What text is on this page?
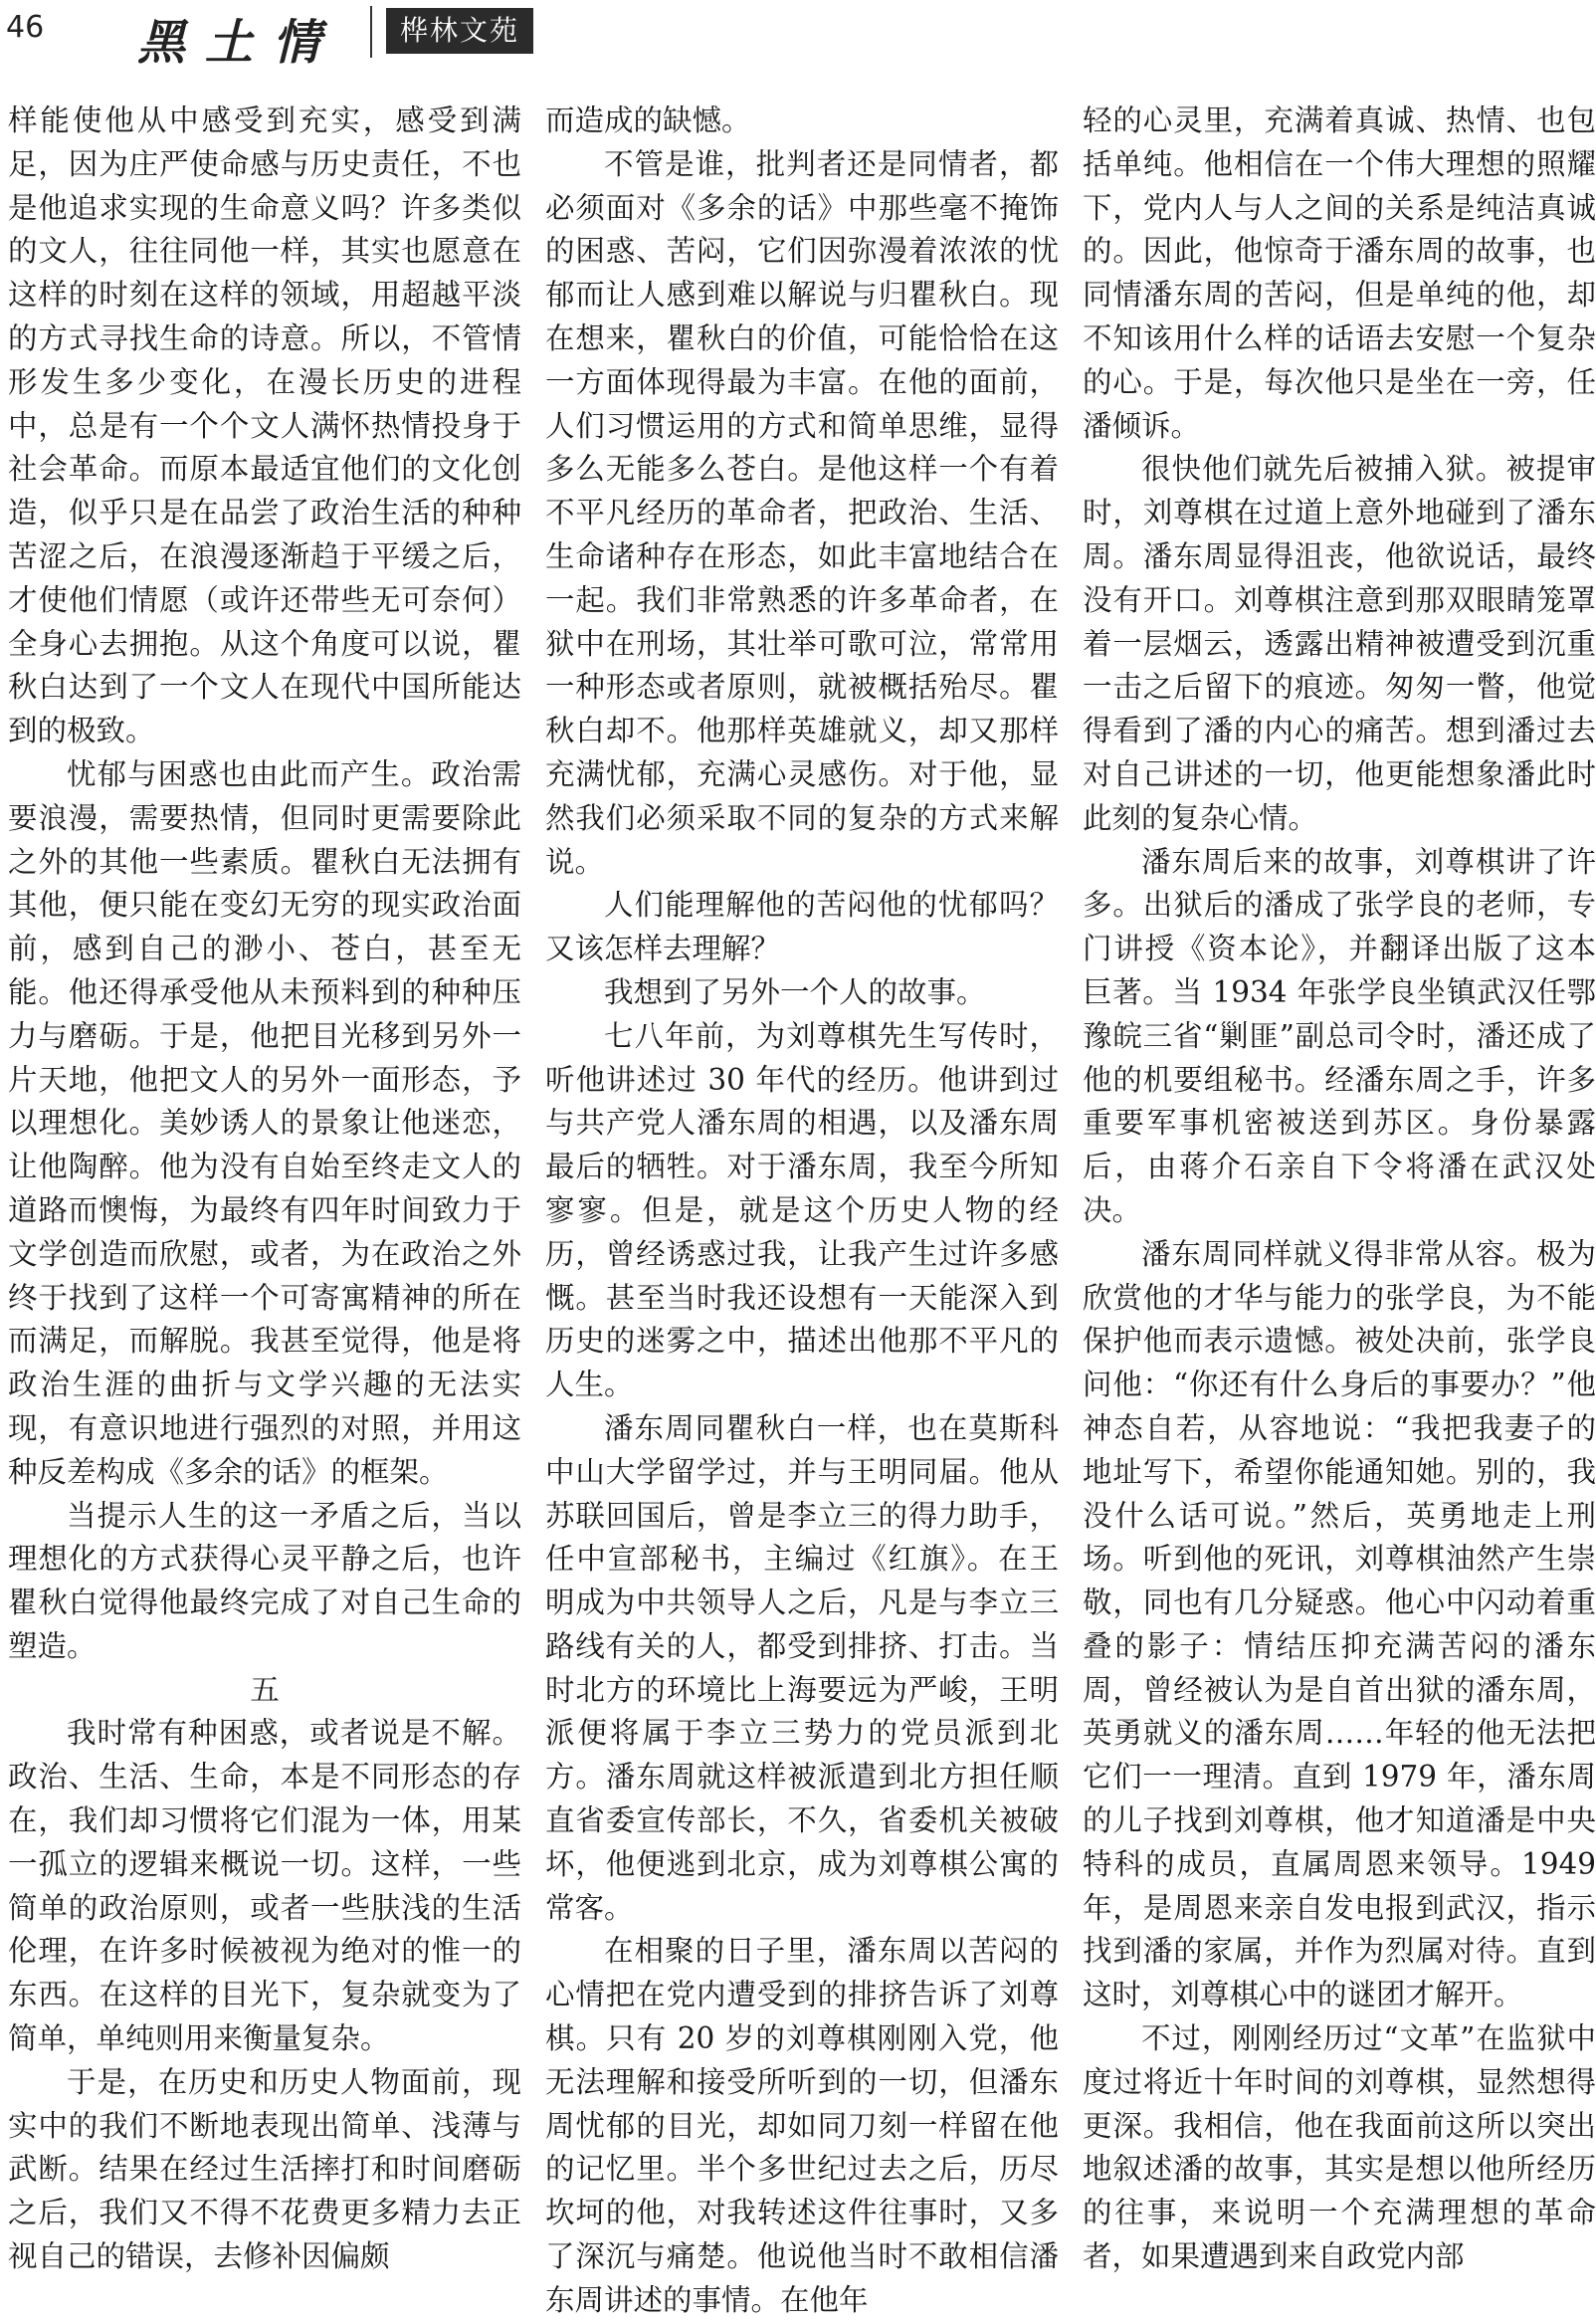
46 黑土情	桦林文苑

样能使他从中感受到充实，感受到满足，因为庄严使命感与历史责任，不也是他追求实现的生命意义吗？许多类似的文人，往往同他一样，其实也愿意在这样的时刻在这样的领域，用超越平淡的方式寻找生命的诗意。所以，不管情形发生多少变化，在漫长历史的进程中，总是有一个个文人满怀热情投身于社会革命。而原本最适宜他们的文化创造，似乎只是在品尝了政治生活的种种苦涩之后，在浪漫逐渐趋于平缓之后，才使他们情愿（或许还带些无可奈何）全身心去拥抱。从这个角度可以说，瞿秋白达到了一个文人在现代中国所能达到的极致。

忧郁与困惑也由此而产生。政治需要浪漫，需要热情，但同时更需要除此之外的其他一些素质。瞿秋白无法拥有其他，便只能在变幻无穷的现实政治面前，感到自己的渺小、苍白，甚至无能。他还得承受他从未预料到的种种压力与磨砺。于是，他把目光移到另外一片天地，他把文人的另外一面形态，予以理想化。美妙诱人的景象让他迷恋，让他陶醉。他为没有自始至终走文人的道路而懊悔，为最终有四年时间致力于文学创造而欣慰，或者，为在政治之外终于找到了这样一个可寄寓精神的所在而满足，而解脱。我甚至觉得，他是将政治生涯的曲折与文学兴趣的无法实现，有意识地进行强烈的对照，并用这种反差构成《多余的话》的框架。

当提示人生的这一矛盾之后，当以理想化的方式获得心灵平静之后，也许瞿秋白觉得他最终完成了对自己生命的塑造。

五

我时常有种困惑，或者说是不解。政治、生活、生命，本是不同形态的存在，我们却习惯将它们混为一体，用某一孤立的逻辑来概说一切。这样，一些简单的政治原则，或者一些肤浅的生活伦理，在许多时候被视为绝对的惟一的东西。在这样的目光下，复杂就变为了简单，单纯则用来衡量复杂。

于是，在历史和历史人物面前，现实中的我们不断地表现出简单、浅薄与武断。结果在经过生活摔打和时间磨砺之后，我们又不得不花费更多精力去正视自己的错误，去修补因偏颇

而造成的缺憾。

不管是谁，批判者还是同情者，都必须面对《多余的话》中那些毫不掩饰的困惑、苦闷，它们因弥漫着浓浓的忧郁而让人感到难以解说与归瞿秋白。现在想来，瞿秋白的价值，可能恰恰在这一方面体现得最为丰富。在他的面前，人们习惯运用的方式和简单思维，显得多么无能多么苍白。是他这样一个有着不平凡经历的革命者，把政治、生活、生命诸种存在形态，如此丰富地结合在一起。我们非常熟悉的许多革命者，在狱中在刑场，其壮举可歌可泣，常常用一种形态或者原则，就被概括殆尽。瞿秋白却不。他那样英雄就义，却又那样充满忧郁，充满心灵感伤。对于他，显然我们必须采取不同的复杂的方式来解说。

人们能理解他的苦闷他的忧郁吗？又该怎样去理解？

我想到了另外一个人的故事。

七八年前，为刘尊棋先生写传时，听他讲述过 30 年代的经历。他讲到过与共产党人潘东周的相遇，以及潘东周最后的牺牲。对于潘东周，我至今所知寥寥。但是，就是这个历史人物的经历，曾经诱惑过我，让我产生过许多感慨。甚至当时我还设想有一天能深入到历史的迷雾之中，描述出他那不平凡的人生。

潘东周同瞿秋白一样，也在莫斯科中山大学留学过，并与王明同届。他从苏联回国后，曾是李立三的得力助手，任中宣部秘书，主编过《红旗》。在王明成为中共领导人之后，凡是与李立三路线有关的人，都受到排挤、打击。当时北方的环境比上海要远为严峻，王明派便将属于李立三势力的党员派到北方。潘东周就这样被派遣到北方担任顺直省委宣传部长，不久，省委机关被破坏，他便逃到北京，成为刘尊棋公寓的常客。

在相聚的日子里，潘东周以苦闷的心情把在党内遭受到的排挤告诉了刘尊棋。只有 20 岁的刘尊棋刚刚入党，他无法理解和接受所听到的一切，但潘东周忧郁的目光，却如同刀刻一样留在他的记忆里。半个多世纪过去之后，历尽坎坷的他，对我转述这件往事时，又多了深沉与痛楚。他说他当时不敢相信潘东周讲述的事情。在他年

轻的心灵里，充满着真诚、热情、也包括单纯。他相信在一个伟大理想的照耀下，党内人与人之间的关系是纯洁真诚的。因此，他惊奇于潘东周的故事，也同情潘东周的苦闷，但是单纯的他，却不知该用什么样的话语去安慰一个复杂的心。于是，每次他只是坐在一旁，任潘倾诉。

很快他们就先后被捕入狱。被提审时，刘尊棋在过道上意外地碰到了潘东周。潘东周显得沮丧，他欲说话，最终没有开口。刘尊棋注意到那双眼睛笼罩着一层烟云，透露出精神被遭受到沉重一击之后留下的痕迹。匆匆一瞥，他觉得看到了潘的内心的痛苦。想到潘过去对自己讲述的一切，他更能想象潘此时此刻的复杂心情。

潘东周后来的故事，刘尊棋讲了许多。出狱后的潘成了张学良的老师，专门讲授《资本论》，并翻译出版了这本巨著。当 1934 年张学良坐镇武汉任鄂豫皖三省“剿匪”副总司令时，潘还成了他的机要组秘书。经潘东周之手，许多重要军事机密被送到苏区。身份暴露后，由蒋介石亲自下令将潘在武汉处决。

潘东周同样就义得非常从容。极为欣赏他的才华与能力的张学良，为不能保护他而表示遗憾。被处决前，张学良问他：“你还有什么身后的事要办？”他神态自若，从容地说：“我把我妻子的地址写下，希望你能通知她。别的，我没什么话可说。”然后，英勇地走上刑场。听到他的死讯，刘尊棋油然产生崇敬，同也有几分疑惑。他心中闪动着重叠的影子：情结压抑充满苦闷的潘东周，曾经被认为是自首出狱的潘东周，英勇就义的潘东周……年轻的他无法把它们一一理清。直到 1979 年，潘东周的儿子找到刘尊棋，他才知道潘是中央特科的成员，直属周恩来领导。1949 年，是周恩来亲自发电报到武汉，指示找到潘的家属，并作为烈属对待。直到这时，刘尊棋心中的谜团才解开。

不过，刚刚经历过“文革”在监狱中度过将近十年时间的刘尊棋，显然想得更深。我相信，他在我面前这所以突出地叙述潘的故事，其实是想以他所经历的往事，来说明一个充满理想的革命者，如果遭遇到来自政党内部
